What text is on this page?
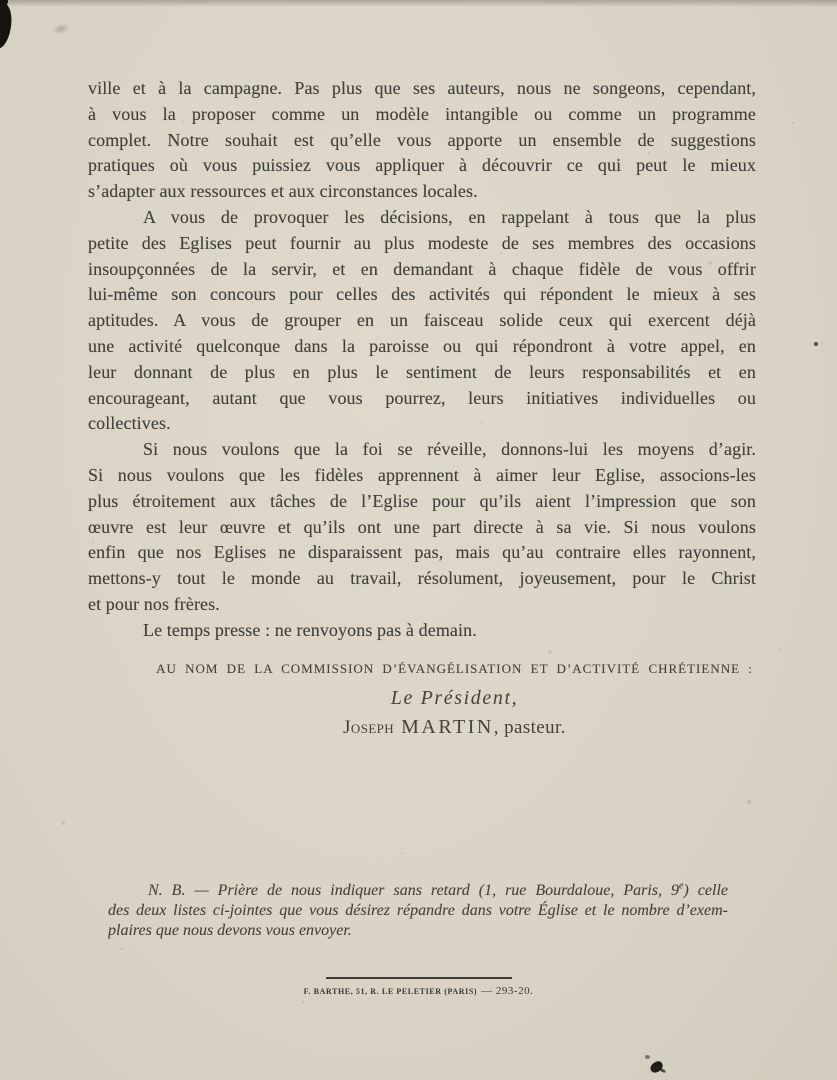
ville et à la campagne. Pas plus que ses auteurs, nous ne songeons, cependant,
à vous la proposer comme un modèle intangible ou comme un programme
complet. Notre souhait est qu’elle vous apporte un ensemble de suggestions
pratiques où vous puissiez vous appliquer à découvrir ce qui peut le mieux
s’adapter aux ressources et aux circonstances locales.
A vous de provoquer les décisions, en rappelant à tous que la plus
petite des Eglises peut fournir au plus modeste de ses membres des occasions
insoupçonnées de la servir, et en demandant à chaque fidèle de vous offrir
lui-même son concours pour celles des activités qui répondent le mieux à ses
aptitudes. A vous de grouper en un faisceau solide ceux qui exercent déjà
une activité quelconque dans la paroisse ou qui répondront à votre appel, en
leur donnant de plus en plus le sentiment de leurs responsabilités et en
encourageant, autant que vous pourrez, leurs initiatives individuelles ou
collectives.
Si nous voulons que la foi se réveille, donnons-lui les moyens d’agir.
Si nous voulons que les fidèles apprennent à aimer leur Eglise, associons-les
plus étroitement aux tâches de l’Eglise pour qu’ils aient l’impression que son
œuvre est leur œuvre et qu’ils ont une part directe à sa vie. Si nous voulons
enfin que nos Eglises ne disparaissent pas, mais qu’au contraire elles rayonnent,
mettons-y tout le monde au travail, résolument, joyeusement, pour le Christ
et pour nos frères.
Le temps presse : ne renvoyons pas à demain.
AU NOM DE LA COMMISSION D’ÉVANGÉLISATION ET D’ACTIVITÉ CHRÉTIENNE :
Le Président,
Joseph MARTIN, pasteur.
N. B. — Prière de nous indiquer sans retard (1, rue Bourdaloue, Paris, 9e) celle
des deux listes ci-jointes que vous désirez répandre dans votre Église et le nombre d’exem-
plaires que nous devons vous envoyer.
F. BARTHE, 51, R. LE PELETIER (PARIS) — 293-20.
